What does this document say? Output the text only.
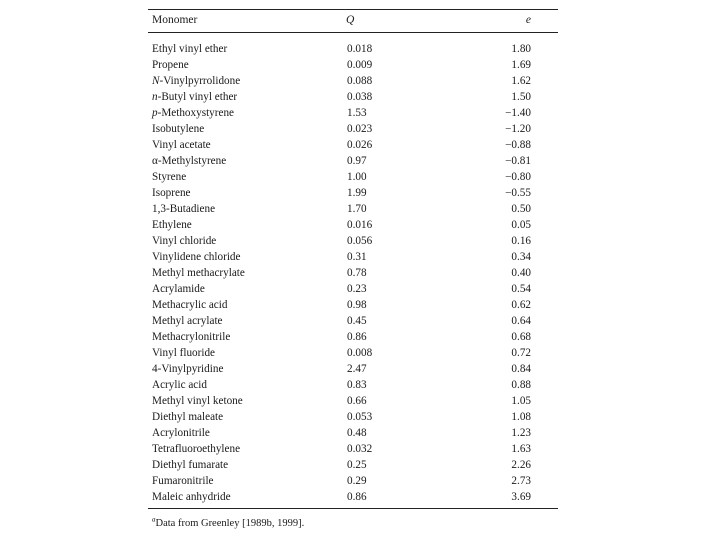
Monomer	Q	e
Ethyl vinyl ether	0.018	1.80
Propene	0.009	1.69
N-Vinylpyrrolidone	0.088	1.62
n-Butyl vinyl ether	0.038	1.50
p-Methoxystyrene	1.53	−1.40
Isobutylene	0.023	−1.20
Vinyl acetate	0.026	−0.88
α-Methylstyrene	0.97	−0.81
Styrene	1.00	−0.80
Isoprene	1.99	−0.55
1,3-Butadiene	1.70	0.50
Ethylene	0.016	0.05
Vinyl chloride	0.056	0.16
Vinylidene chloride	0.31	0.34
Methyl methacrylate	0.78	0.40
Acrylamide	0.23	0.54
Methacrylic acid	0.98	0.62
Methyl acrylate	0.45	0.64
Methacrylonitrile	0.86	0.68
Vinyl fluoride	0.008	0.72
4-Vinylpyridine	2.47	0.84
Acrylic acid	0.83	0.88
Methyl vinyl ketone	0.66	1.05
Diethyl maleate	0.053	1.08
Acrylonitrile	0.48	1.23
Tetrafluoroethylene	0.032	1.63
Diethyl fumarate	0.25	2.26
Fumaronitrile	0.29	2.73
Maleic anhydride	0.86	3.69
$^a$Data from Greenley [1989b, 1999].
